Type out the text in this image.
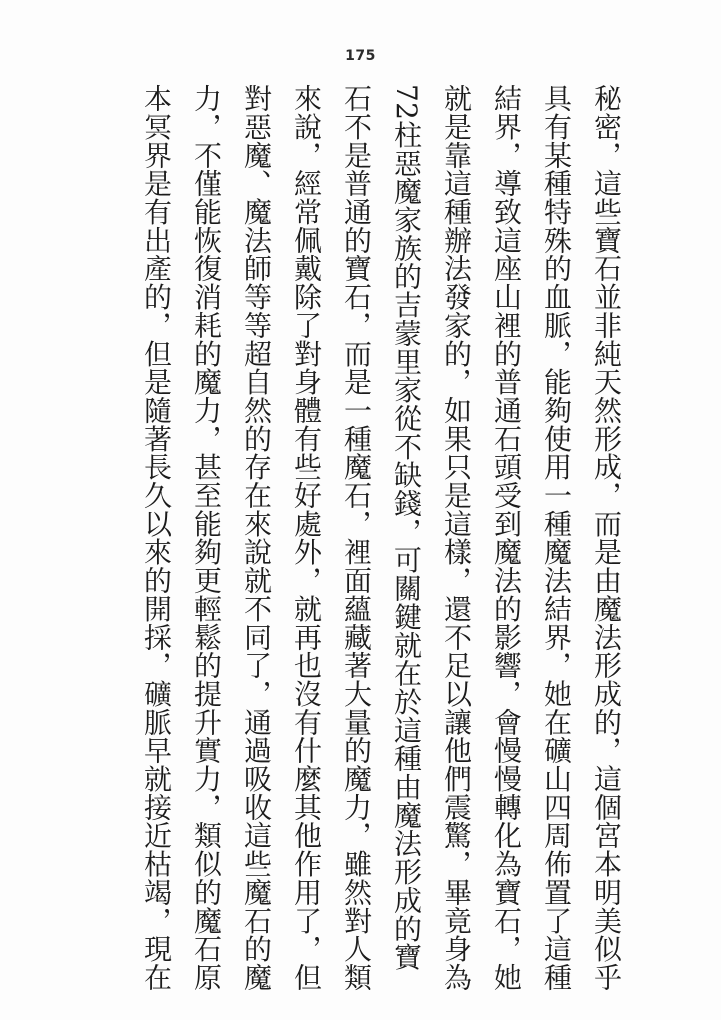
175
秘密，這些寶石並非純天然形成，而是由魔法形成的，這個宮本明美似乎
具有某種特殊的血脈，能夠使用一種魔法結界，她在礦山四周佈置了這種
結界，導致這座山裡的普通石頭受到魔法的影響，會慢慢轉化為寶石，她
就是靠這種辦法發家的，如果只是這樣，還不足以讓他們震驚，畢竟身為
72柱惡魔家族的吉蒙里家從不缺錢，可關鍵就在於這種由魔法形成的寶
石不是普通的寶石，而是一種魔石，裡面蘊藏著大量的魔力，雖然對人類
來說，經常佩戴除了對身體有些好處外，就再也沒有什麼其他作用了，但
對惡魔、魔法師等等超自然的存在來說就不同了，通過吸收這些魔石的魔
力，不僅能恢復消耗的魔力，甚至能夠更輕鬆的提升實力，類似的魔石原
本冥界是有出產的，但是隨著長久以來的開採，礦脈早就接近枯竭，現在
